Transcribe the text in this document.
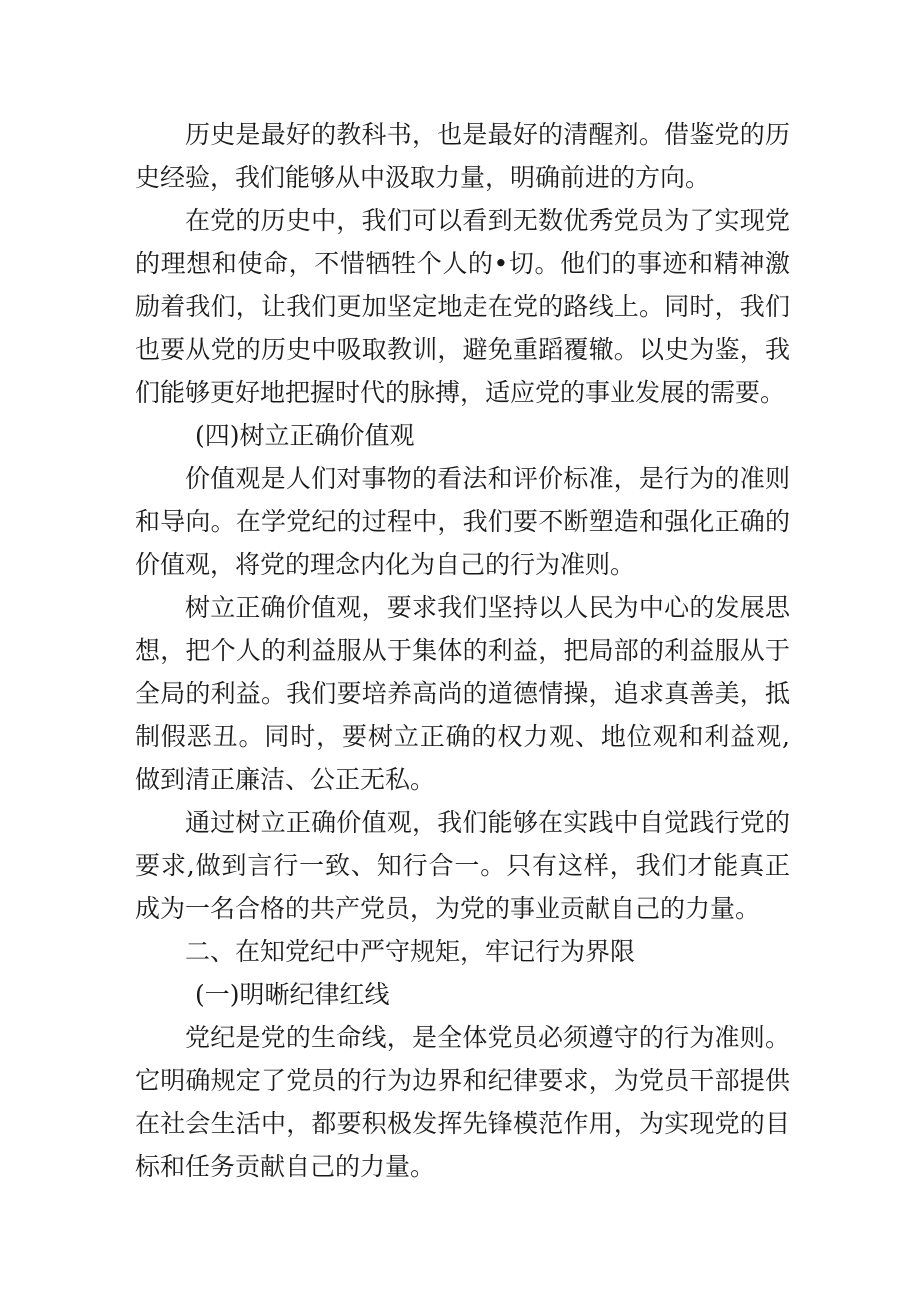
历史是最好的教科书，也是最好的清醒剂。借鉴党的历史经验，我们能够从中汲取力量，明确前进的方向。

在党的历史中，我们可以看到无数优秀党员为了实现党的理想和使命，不惜牺牲个人的•切。他们的事迹和精神激励着我们，让我们更加坚定地走在党的路线上。同时，我们也要从党的历史中吸取教训，避免重蹈覆辙。以史为鉴，我们能够更好地把握时代的脉搏，适应党的事业发展的需要。

(四)树立正确价值观

价值观是人们对事物的看法和评价标准，是行为的准则和导向。在学党纪的过程中，我们要不断塑造和强化正确的价值观，将党的理念内化为自己的行为准则。

树立正确价值观，要求我们坚持以人民为中心的发展思想，把个人的利益服从于集体的利益，把局部的利益服从于全局的利益。我们要培养高尚的道德情操，追求真善美，抵制假恶丑。同时，要树立正确的权力观、地位观和利益观,做到清正廉洁、公正无私。

通过树立正确价值观，我们能够在实践中自觉践行党的要求,做到言行一致、知行合一。只有这样，我们才能真正成为一名合格的共产党员，为党的事业贡献自己的力量。

二、在知党纪中严守规矩，牢记行为界限

(一)明晰纪律红线

党纪是党的生命线，是全体党员必须遵守的行为准则。它明确规定了党员的行为边界和纪律要求，为党员干部提供在社会生活中，都要积极发挥先锋模范作用，为实现党的目标和任务贡献自己的力量。
